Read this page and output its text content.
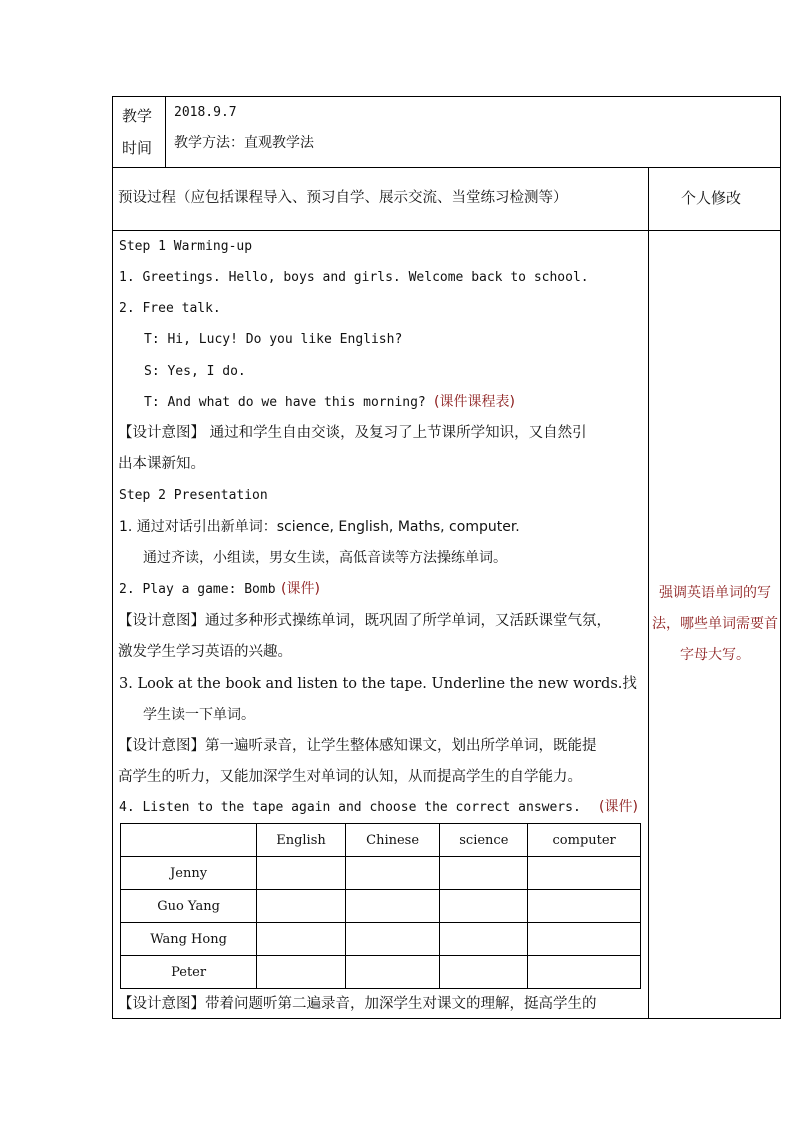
教学
时间
2018.9.7
教学方法：直观教学法
预设过程（应包括课程导入、预习自学、展示交流、当堂练习检测等）	个人修改
Step 1 Warming-up
1. Greetings. Hello, boys and girls. Welcome back to school.
2. Free talk.
T: Hi, Lucy! Do you like English?
S: Yes, I do.
T: And what do we have this morning? (课件课程表)
【设计意图】 通过和学生自由交谈，及复习了上节课所学知识，又自然引
出本课新知。
Step 2 Presentation
1. 通过对话引出新单词：science, English, Maths, computer.
通过齐读，小组读，男女生读，高低音读等方法操练单词。
2. Play a game: Bomb (课件)
【设计意图】通过多种形式操练单词，既巩固了所学单词，又活跃课堂气氛，
激发学生学习英语的兴趣。
3. Look at the book and listen to the tape. Underline the new words.找
学生读一下单词。
【设计意图】第一遍听录音，让学生整体感知课文，划出所学单词，既能提
高学生的听力，又能加深学生对单词的认知，从而提高学生的自学能力。
4. Listen to the tape again and choose the correct answers. (课件)
	English	Chinese	science	computer
Jenny				
Guo Yang				
Wang Hong				
Peter				
【设计意图】带着问题听第二遍录音，加深学生对课文的理解，挺高学生的
强调英语单词的写法，哪些单词需要首字母大写。
